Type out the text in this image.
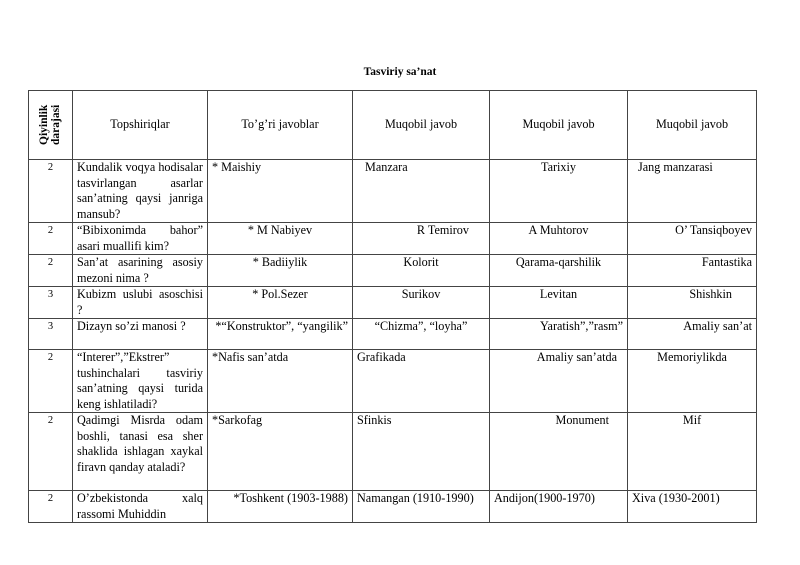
Tasviriy sa’nat
Qiyinlik darajasi	Topshiriqlar	To’g’ri javoblar	Muqobil javob	Muqobil javob	Muqobil javob
2	Kundalik voqya hodisalar tasvirlangan asarlar san’atning qaysi janriga mansub?	* Maishiy	Manzara	Tarixiy	Jang manzarasi
2	“Bibixonimda bahor” asari muallifi kim?	* M Nabiyev	R Temirov	A Muhtorov	O’ Tansiqboyev
2	San’at asarining asosiy mezoni nima ?	* Badiiylik	Kolorit	Qarama-qarshilik	Fantastika
3	Kubizm uslubi asoschisi ?	* Pol.Sezer	Surikov	Levitan	Shishkin
3	Dizayn so’zi manosi ?	*“Konstruktor”, “yangilik”	“Chizma”, “loyha”	Yaratish”,”rasm”	Amaliy san’at
2	“Interer”,”Ekstrer” tushinchalari tasviriy san’atning qaysi turida keng ishlatiladi?	*Nafis san’atda	Grafikada	Amaliy san’atda	Memoriylikda
2	Qadimgi Misrda odam boshli, tanasi esa sher shaklida ishlagan xaykal firavn qanday ataladi?	*Sarkofag	Sfinkis	Monument	Mif
2	O’zbekistonda xalq rassomi Muhiddin	*Toshkent (1903-1988)	Namangan (1910-1990)	Andijon(1900-1970)	Xiva (1930-2001)
